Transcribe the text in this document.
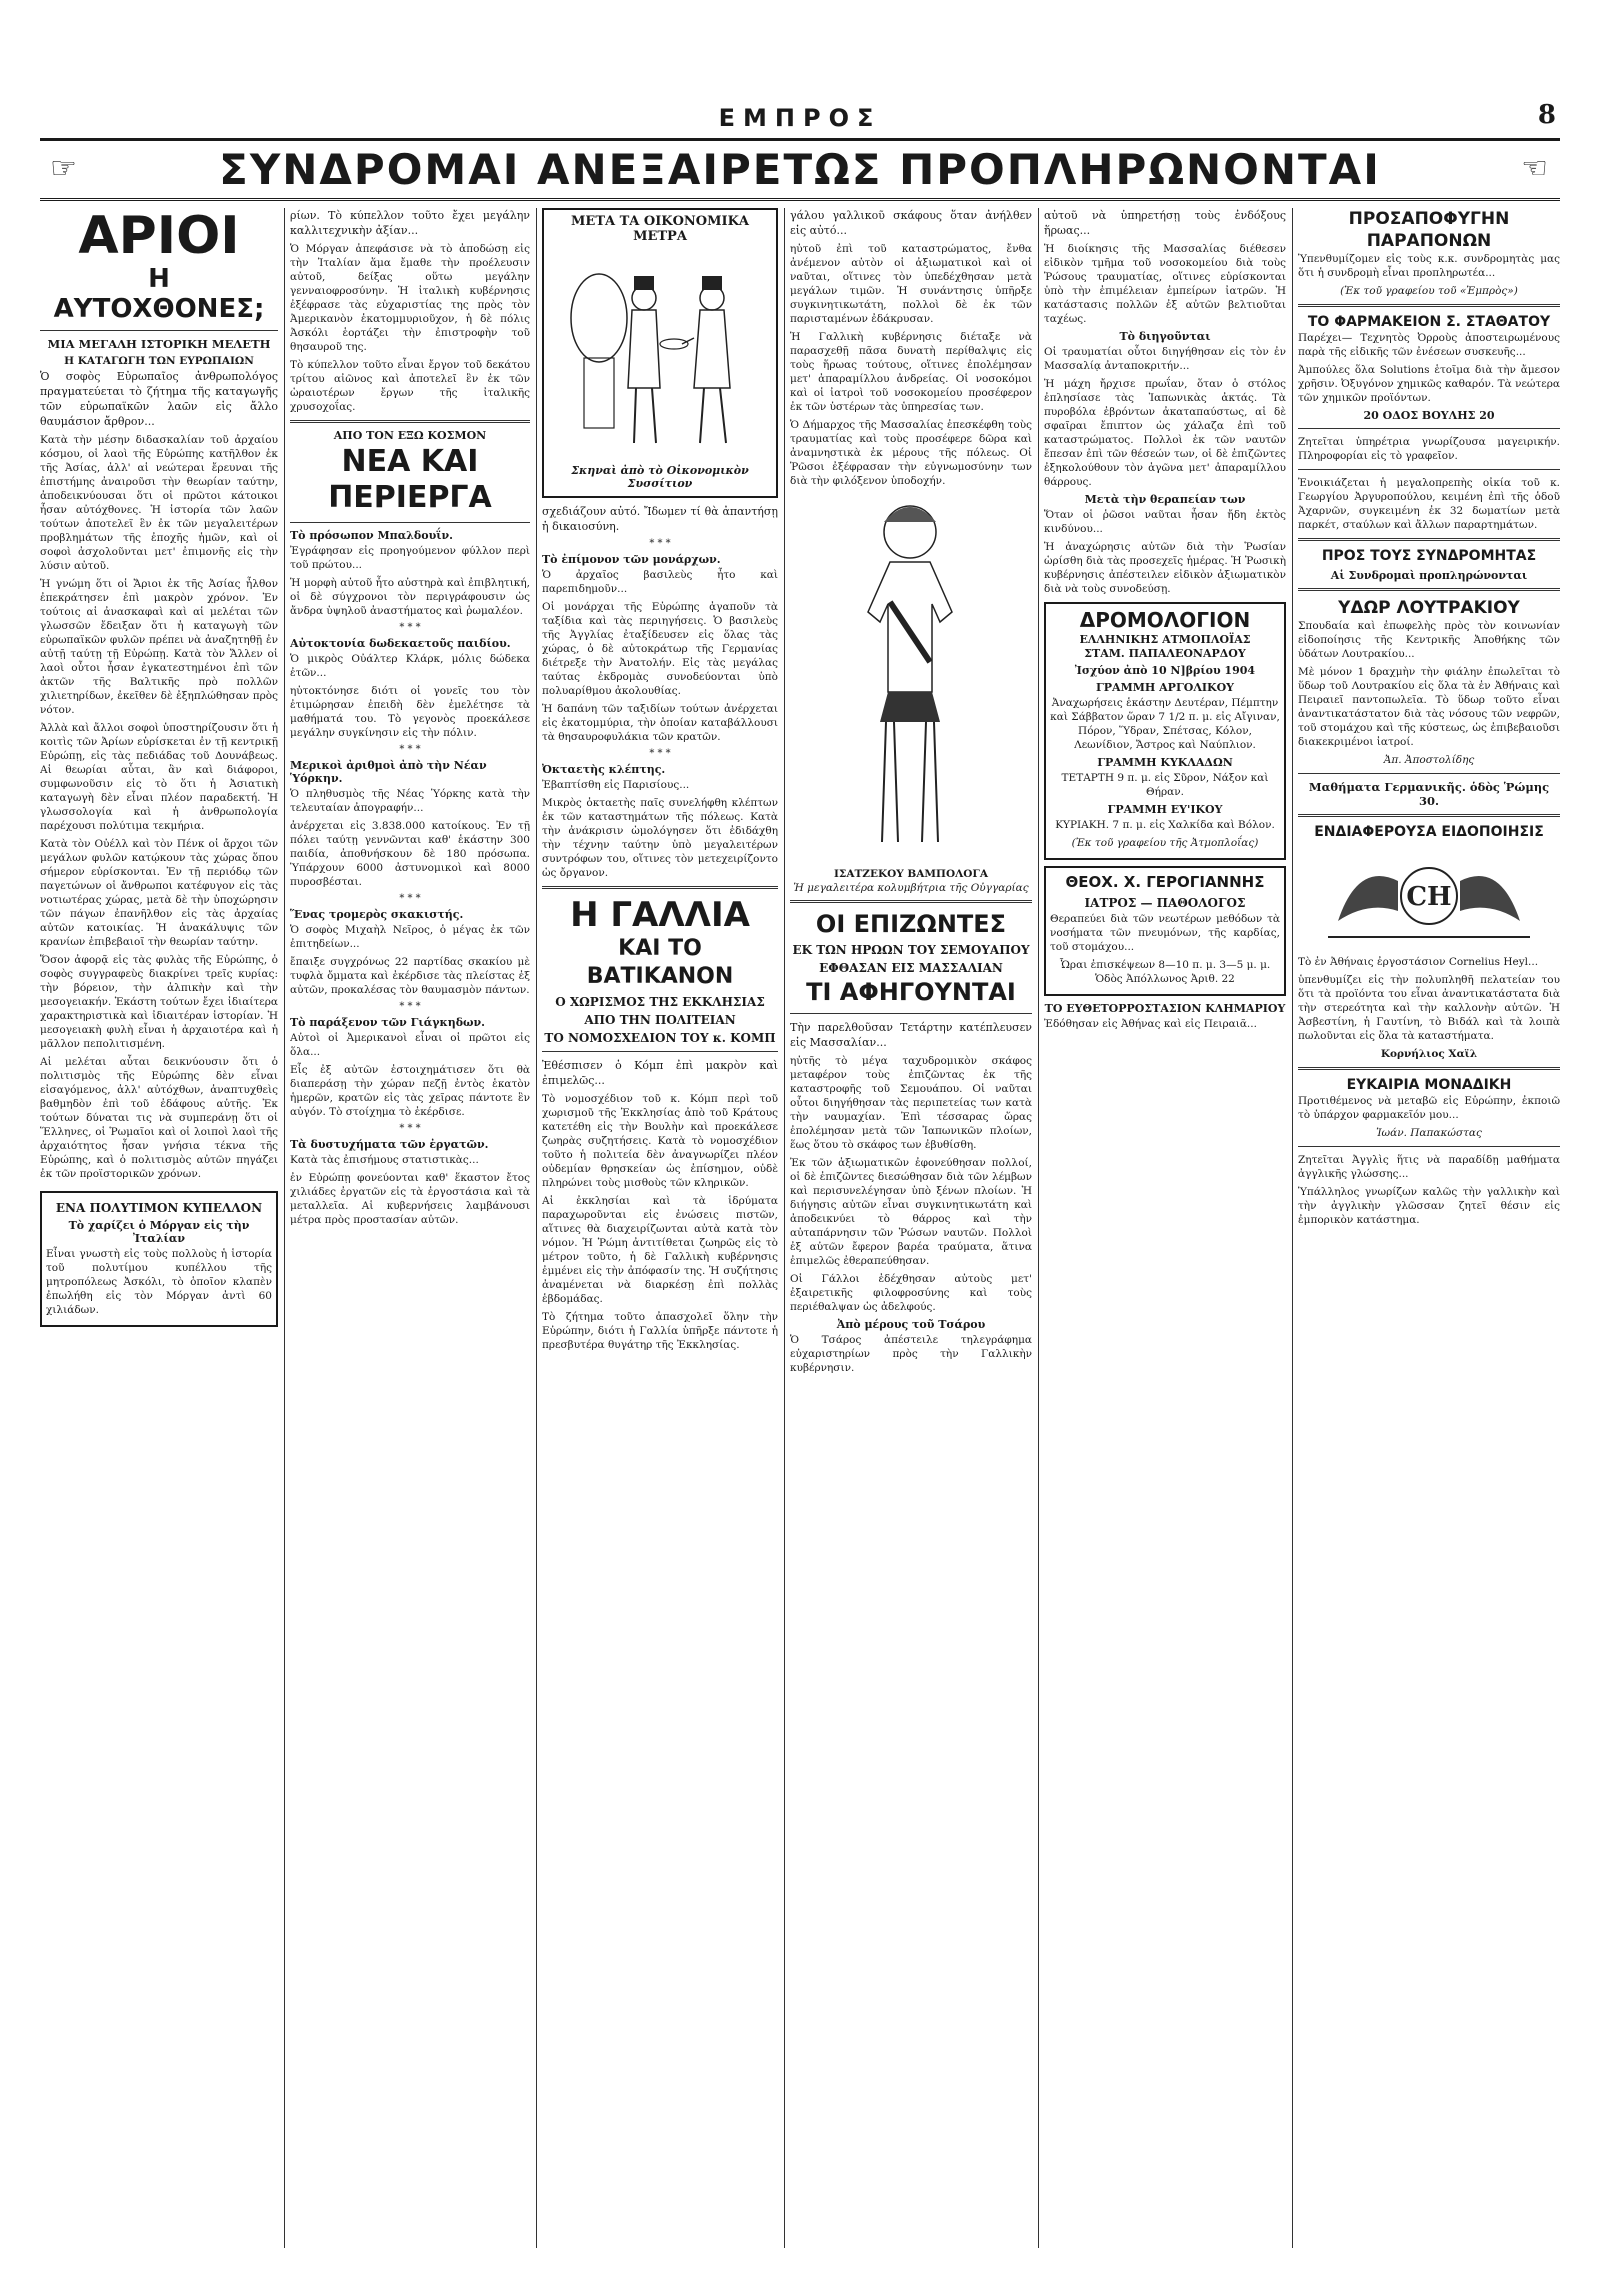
ΕΜΠΡΟΣ	8
☞	ΣΥΝΔΡΟΜΑΙ ΑΝΕΞΑΙΡΕΤΩΣ ΠΡΟΠΛΗΡΩΝΟΝΤΑΙ	☜
ΑΡΙΟΙ
Η ΑΥΤΟΧΘΟΝΕΣ;
ΜΙΑ ΜΕΓΑΛΗ ΙΣΤΟΡΙΚΗ ΜΕΛΕΤΗ
Η ΚΑΤΑΓΩΓΗ ΤΩΝ ΕΥΡΩΠΑΙΩΝ

Ὁ σοφὸς Εὐρωπαῖος ἀνθρωπολόγος πραγματεύεται τὸ ζήτημα τῆς καταγωγῆς τῶν εὐρωπαϊκῶν λαῶν εἰς ἄλλο θαυμάσιον ἄρθρον...

Κατὰ τὴν μέσην διδασκαλίαν τοῦ ἀρχαίου κόσμου, οἱ λαοὶ τῆς Εὐρώπης κατῆλθον ἐκ τῆς Ἀσίας, ἀλλ' αἱ νεώτεραι ἔρευναι τῆς ἐπιστήμης ἀναιροῦσι τὴν θεωρίαν ταύτην, ἀποδεικνύουσαι ὅτι οἱ πρῶτοι κάτοικοι ἦσαν αὐτόχθονες. Ἡ ἱστορία τῶν λαῶν τούτων ἀποτελεῖ ἓν ἐκ τῶν μεγαλειτέρων προβλημάτων τῆς ἐποχῆς ἡμῶν, καὶ οἱ σοφοὶ ἀσχολοῦνται μετ' ἐπιμονῆς εἰς τὴν λύσιν αὐτοῦ.

Ἡ γνώμη ὅτι οἱ Ἄριοι ἐκ τῆς Ἀσίας ἦλθον ἐπεκράτησεν ἐπὶ μακρὸν χρόνον. Ἐν τούτοις αἱ ἀνασκαφαὶ καὶ αἱ μελέται τῶν γλωσσῶν ἔδειξαν ὅτι ἡ καταγωγὴ τῶν εὐρωπαϊκῶν φυλῶν πρέπει νὰ ἀναζητηθῇ ἐν αὐτῇ ταύτῃ τῇ Εὐρώπῃ. Κατὰ τὸν Ἄλλεν οἱ λαοὶ οὗτοι ἦσαν ἐγκατεστημένοι ἐπὶ τῶν ἀκτῶν τῆς Βαλτικῆς πρὸ πολλῶν χιλιετηρίδων, ἐκεῖθεν δὲ ἐξηπλώθησαν πρὸς νότον.

Ἀλλὰ καὶ ἄλλοι σοφοὶ ὑποστηρίζουσιν ὅτι ἡ κοιτὶς τῶν Ἀρίων εὑρίσκεται ἐν τῇ κεντρικῇ Εὐρώπῃ, εἰς τὰς πεδιάδας τοῦ Δουνάβεως. Αἱ θεωρίαι αὗται, ἂν καὶ διάφοροι, συμφωνοῦσιν εἰς τὸ ὅτι ἡ Ἀσιατικὴ καταγωγὴ δὲν εἶναι πλέον παραδεκτή. Ἡ γλωσσολογία καὶ ἡ ἀνθρωπολογία παρέχουσι πολύτιμα τεκμήρια.

Κατὰ τὸν Οὐέλλ καὶ τὸν Πένκ οἱ ἄρχοι τῶν μεγάλων φυλῶν κατῴκουν τὰς χώρας ὅπου σήμερον εὑρίσκονται. Ἐν τῇ περιόδῳ τῶν παγετώνων οἱ ἄνθρωποι κατέφυγον εἰς τὰς νοτιωτέρας χώρας, μετὰ δὲ τὴν ὑποχώρησιν τῶν πάγων ἐπανῆλθον εἰς τὰς ἀρχαίας αὐτῶν κατοικίας. Ἡ ἀνακάλυψις τῶν κρανίων ἐπιβεβαιοῖ τὴν θεωρίαν ταύτην.

Ὅσον ἀφορᾷ εἰς τὰς φυλὰς τῆς Εὐρώπης, ὁ σοφὸς συγγραφεὺς διακρίνει τρεῖς κυρίας: τὴν βόρειον, τὴν ἀλπικὴν καὶ τὴν μεσογειακήν. Ἑκάστη τούτων ἔχει ἰδιαίτερα χαρακτηριστικὰ καὶ ἰδιαιτέραν ἱστορίαν. Ἡ μεσογειακὴ φυλὴ εἶναι ἡ ἀρχαιοτέρα καὶ ἡ μᾶλλον πεπολιτισμένη.

Αἱ μελέται αὗται δεικνύουσιν ὅτι ὁ πολιτισμὸς τῆς Εὐρώπης δὲν εἶναι εἰσαγόμενος, ἀλλ' αὐτόχθων, ἀναπτυχθεὶς βαθμηδὸν ἐπὶ τοῦ ἐδάφους αὐτῆς. Ἐκ τούτων δύναται τις νὰ συμπεράνῃ ὅτι οἱ Ἕλληνες, οἱ Ῥωμαῖοι καὶ οἱ λοιποὶ λαοὶ τῆς ἀρχαιότητος ἦσαν γνήσια τέκνα τῆς Εὐρώπης, καὶ ὁ πολιτισμὸς αὐτῶν πηγάζει ἐκ τῶν προϊστορικῶν χρόνων.

ΕΝΑ ΠΟΛΥΤΙΜΟΝ ΚΥΠΕΛΛΟΝ
Τὸ χαρίζει ὁ Μόργαν εἰς τὴν Ἰταλίαν

Εἶναι γνωστὴ εἰς τοὺς πολλοὺς ἡ ἱστορία τοῦ πολυτίμου κυπέλλου τῆς μητροπόλεως Ἀσκόλι, τὸ ὁποῖον κλαπὲν ἐπωλήθη εἰς τὸν Μόργαν ἀντὶ 60 χιλιάδων.

ρίων. Τὸ κύπελλον τοῦτο ἔχει μεγάλην καλλιτεχνικὴν ἀξίαν...

Ὁ Μόργαν ἀπεφάσισε νὰ τὸ ἀποδώσῃ εἰς τὴν Ἰταλίαν ἅμα ἔμαθε τὴν προέλευσιν αὐτοῦ, δείξας οὕτω μεγάλην γενναιοφροσύνην. Ἡ ἰταλικὴ κυβέρνησις ἐξέφρασε τὰς εὐχαριστίας της πρὸς τὸν Ἀμερικανὸν ἑκατομμυριοῦχον, ἡ δὲ πόλις Ἀσκόλι ἑορτάζει τὴν ἐπιστροφὴν τοῦ θησαυροῦ της.

Τὸ κύπελλον τοῦτο εἶναι ἔργον τοῦ δεκάτου τρίτου αἰῶνος καὶ ἀποτελεῖ ἓν ἐκ τῶν ὡραιοτέρων ἔργων τῆς ἰταλικῆς χρυσοχοΐας.

ΑΠΟ ΤΟΝ ΕΞΩ ΚΟΣΜΟΝ
ΝΕΑ ΚΑΙ ΠΕΡΙΕΡΓΑ
Τὸ πρόσωπον Μπαλδουΐν.

Ἐγράφησαν εἰς προηγούμενον φύλλον περὶ τοῦ πρώτου...

Ἡ μορφὴ αὐτοῦ ἦτο αὐστηρὰ καὶ ἐπιβλητική, οἱ δὲ σύγχρονοι τὸν περιγράφουσιν ὡς ἄνδρα ὑψηλοῦ ἀναστήματος καὶ ῥωμαλέον.

* * *
Αὐτοκτονία δωδεκαετοῦς παιδίου.

Ὁ μικρὸς Οὐάλτερ Κλάρκ, μόλις δώδεκα ἐτῶν...

ηὐτοκτόνησε διότι οἱ γονεῖς του τὸν ἐτιμώρησαν ἐπειδὴ δὲν ἐμελέτησε τὰ μαθήματά του. Τὸ γεγονὸς προεκάλεσε μεγάλην συγκίνησιν εἰς τὴν πόλιν.

* * *
Μερικοὶ ἀριθμοὶ ἀπὸ τὴν Νέαν Ὑόρκην.

Ὁ πληθυσμὸς τῆς Νέας Ὑόρκης κατὰ τὴν τελευταίαν ἀπογραφήν...

ἀνέρχεται εἰς 3.838.000 κατοίκους. Ἐν τῇ πόλει ταύτῃ γεννῶνται καθ' ἑκάστην 300 παιδία, ἀποθνήσκουν δὲ 180 πρόσωπα. Ὑπάρχουν 6000 ἀστυνομικοὶ καὶ 8000 πυροσβέσται.

* * *
Ἕνας τρομερὸς σκακιστής.

Ὁ σοφὸς Μιχαὴλ Νεῖρος, ὁ μέγας ἐκ τῶν ἐπιτηδείων...

ἔπαιξε συγχρόνως 22 παρτίδας σκακίου μὲ τυφλὰ ὄμματα καὶ ἐκέρδισε τὰς πλείστας ἐξ αὐτῶν, προκαλέσας τὸν θαυμασμὸν πάντων.

* * *
Τὸ παράξενον τῶν Γιάγκηδων.

Αὐτοὶ οἱ Ἀμερικανοὶ εἶναι οἱ πρῶτοι εἰς ὅλα...

Εἷς ἐξ αὐτῶν ἐστοιχημάτισεν ὅτι θὰ διαπεράσῃ τὴν χώραν πεζῇ ἐντὸς ἑκατὸν ἡμερῶν, κρατῶν εἰς τὰς χεῖρας πάντοτε ἓν αὐγόν. Τὸ στοίχημα τὸ ἐκέρδισε.

* * *
Τὰ δυστυχήματα τῶν ἐργατῶν.

Κατὰ τὰς ἐπισήμους στατιστικὰς...

ἐν Εὐρώπῃ φονεύονται καθ' ἕκαστον ἔτος χιλιάδες ἐργατῶν εἰς τὰ ἐργοστάσια καὶ τὰ μεταλλεῖα. Αἱ κυβερνήσεις λαμβάνουσι μέτρα πρὸς προστασίαν αὐτῶν.

ΜΕΤΑ ΤΑ ΟΙΚΟΝΟΜΙΚΑ ΜΕΤΡΑ
Σκηναὶ ἀπὸ τὸ Οἰκονομικὸν Συσσίτιον

σχεδιάζουν αὐτό. Ἴδωμεν τί θὰ ἀπαντήσῃ ἡ δικαιοσύνη.

* * *
Τὸ ἐπίμονον τῶν μονάρχων.

Ὁ ἀρχαῖος βασιλεὺς ἦτο καὶ παρεπιδημοῦν...

Οἱ μονάρχαι τῆς Εὐρώπης ἀγαποῦν τὰ ταξίδια καὶ τὰς περιηγήσεις. Ὁ βασιλεὺς τῆς Ἀγγλίας ἐταξίδευσεν εἰς ὅλας τὰς χώρας, ὁ δὲ αὐτοκράτωρ τῆς Γερμανίας διέτρεξε τὴν Ἀνατολήν. Εἰς τὰς μεγάλας ταύτας ἐκδρομὰς συνοδεύονται ὑπὸ πολυαρίθμου ἀκολουθίας.

Ἡ δαπάνη τῶν ταξιδίων τούτων ἀνέρχεται εἰς ἑκατομμύρια, τὴν ὁποίαν καταβάλλουσι τὰ θησαυροφυλάκια τῶν κρατῶν.

* * *
Ὀκταετὴς κλέπτης.

Ἐβαπτίσθη εἰς Παρισίους...

Μικρὸς ὀκταετὴς παῖς συνελήφθη κλέπτων ἐκ τῶν καταστημάτων τῆς πόλεως. Κατὰ τὴν ἀνάκρισιν ὡμολόγησεν ὅτι ἐδιδάχθη τὴν τέχνην ταύτην ὑπὸ μεγαλειτέρων συντρόφων του, οἵτινες τὸν μετεχειρίζοντο ὡς ὄργανον.

Η ΓΑΛΛΙΑ
ΚΑΙ ΤΟ ΒΑΤΙΚΑΝΟΝ
Ο ΧΩΡΙΣΜΟΣ ΤΗΣ ΕΚΚΛΗΣΙΑΣ
ΑΠΟ ΤΗΝ ΠΟΛΙΤΕΙΑΝ
ΤΟ ΝΟΜΟΣΧΕΔΙΟΝ ΤΟΥ κ. ΚΟΜΠ

Ἐθέσπισεν ὁ Κόμπ ἐπὶ μακρὸν καὶ ἐπιμελῶς...

Τὸ νομοσχέδιον τοῦ κ. Κόμπ περὶ τοῦ χωρισμοῦ τῆς Ἐκκλησίας ἀπὸ τοῦ Κράτους κατετέθη εἰς τὴν Βουλὴν καὶ προεκάλεσε ζωηρὰς συζητήσεις. Κατὰ τὸ νομοσχέδιον τοῦτο ἡ πολιτεία δὲν ἀναγνωρίζει πλέον οὐδεμίαν θρησκείαν ὡς ἐπίσημον, οὐδὲ πληρώνει τοὺς μισθοὺς τῶν κληρικῶν.

Αἱ ἐκκλησίαι καὶ τὰ ἱδρύματα παραχωροῦνται εἰς ἐνώσεις πιστῶν, αἵτινες θὰ διαχειρίζωνται αὐτὰ κατὰ τὸν νόμον. Ἡ Ῥώμη ἀντιτίθεται ζωηρῶς εἰς τὸ μέτρον τοῦτο, ἡ δὲ Γαλλικὴ κυβέρνησις ἐμμένει εἰς τὴν ἀπόφασίν της. Ἡ συζήτησις ἀναμένεται νὰ διαρκέσῃ ἐπὶ πολλὰς ἑβδομάδας.

Τὸ ζήτημα τοῦτο ἀπασχολεῖ ὅλην τὴν Εὐρώπην, διότι ἡ Γαλλία ὑπῆρξε πάντοτε ἡ πρεσβυτέρα θυγάτηρ τῆς Ἐκκλησίας.

γάλου γαλλικοῦ σκάφους ὅταν ἀνήλθεν εἰς αὐτό...

ηὐτοῦ ἐπὶ τοῦ καταστρώματος, ἔνθα ἀνέμενον αὐτὸν οἱ ἀξιωματικοὶ καὶ οἱ ναῦται, οἵτινες τὸν ὑπεδέχθησαν μετὰ μεγάλων τιμῶν. Ἡ συνάντησις ὑπῆρξε συγκινητικωτάτη, πολλοὶ δὲ ἐκ τῶν παρισταμένων ἐδάκρυσαν.

Ἡ Γαλλικὴ κυβέρνησις διέταξε νὰ παρασχεθῇ πᾶσα δυνατὴ περίθαλψις εἰς τοὺς ἥρωας τούτους, οἵτινες ἐπολέμησαν μετ' ἀπαραμίλλου ἀνδρείας. Οἱ νοσοκόμοι καὶ οἱ ἰατροὶ τοῦ νοσοκομείου προσέφερον ἐκ τῶν ὑστέρων τὰς ὑπηρεσίας των.

Ὁ Δήμαρχος τῆς Μασσαλίας ἐπεσκέφθη τοὺς τραυματίας καὶ τοὺς προσέφερε δῶρα καὶ ἀναμνηστικὰ ἐκ μέρους τῆς πόλεως. Οἱ Ῥῶσοι ἐξέφρασαν τὴν εὐγνωμοσύνην των διὰ τὴν φιλόξενον ὑποδοχήν.

ΙΣΑΤΖΕΚΟΥ ΒΑΜΠΟΛΟΓΑ
Ἡ μεγαλειτέρα κολυμβήτρια τῆς Οὐγγαρίας
ΟΙ ΕΠΙΖΩΝΤΕΣ
ΕΚ ΤΩΝ ΗΡΩΩΝ ΤΟΥ ΣΕΜΟΥΑΠΟΥ
ΕΦΘΑΣΑΝ ΕΙΣ ΜΑΣΣΑΛΙΑΝ
ΤΙ ΑΦΗΓΟΥΝΤΑΙ

Τὴν παρελθοῦσαν Τετάρτην κατέπλευσεν εἰς Μασσαλίαν...

ηὐτῆς τὸ μέγα ταχυδρομικὸν σκάφος μεταφέρον τοὺς ἐπιζῶντας ἐκ τῆς καταστροφῆς τοῦ Σεμουάπου. Οἱ ναῦται οὗτοι διηγήθησαν τὰς περιπετείας των κατὰ τὴν ναυμαχίαν. Ἐπὶ τέσσαρας ὥρας ἐπολέμησαν μετὰ τῶν Ἰαπωνικῶν πλοίων, ἕως ὅτου τὸ σκάφος των ἐβυθίσθη.

Ἐκ τῶν ἀξιωματικῶν ἐφονεύθησαν πολλοί, οἱ δὲ ἐπιζῶντες διεσώθησαν διὰ τῶν λέμβων καὶ περισυνελέγησαν ὑπὸ ξένων πλοίων. Ἡ διήγησις αὐτῶν εἶναι συγκινητικωτάτη καὶ ἀποδεικνύει τὸ θάρρος καὶ τὴν αὐταπάρνησιν τῶν Ῥώσων ναυτῶν. Πολλοὶ ἐξ αὐτῶν ἔφερον βαρέα τραύματα, ἅτινα ἐπιμελῶς ἐθεραπεύθησαν.

Οἱ Γάλλοι ἐδέχθησαν αὐτοὺς μετ' ἐξαιρετικῆς φιλοφροσύνης καὶ τοὺς περιέθαλψαν ὡς ἀδελφούς.

Ἀπὸ μέρους τοῦ Τσάρου

Ὁ Τσάρος ἀπέστειλε τηλεγράφημα εὐχαριστηρίων πρὸς τὴν Γαλλικὴν κυβέρνησιν.

αὐτοῦ νὰ ὑπηρετήσῃ τοὺς ἐνδόξους ἥρωας...

Ἡ διοίκησις τῆς Μασσαλίας διέθεσεν εἰδικὸν τμῆμα τοῦ νοσοκομείου διὰ τοὺς Ῥώσους τραυματίας, οἵτινες εὑρίσκονται ὑπὸ τὴν ἐπιμέλειαν ἐμπείρων ἰατρῶν. Ἡ κατάστασις πολλῶν ἐξ αὐτῶν βελτιοῦται ταχέως.

Τὸ διηγοῦνται

Οἱ τραυματίαι οὗτοι διηγήθησαν εἰς τὸν ἐν Μασσαλίᾳ ἀνταποκριτήν...

Ἡ μάχη ἤρχισε πρωΐαν, ὅταν ὁ στόλος ἐπλησίασε τὰς Ἰαπωνικὰς ἀκτάς. Τὰ πυροβόλα ἐβρόντων ἀκαταπαύστως, αἱ δὲ σφαῖραι ἔπιπτον ὡς χάλαζα ἐπὶ τοῦ καταστρώματος. Πολλοὶ ἐκ τῶν ναυτῶν ἔπεσαν ἐπὶ τῶν θέσεών των, οἱ δὲ ἐπιζῶντες ἐξηκολούθουν τὸν ἀγῶνα μετ' ἀπαραμίλλου θάρρους.

Μετὰ τὴν θεραπείαν των

Ὅταν οἱ ῥῶσοι ναῦται ἦσαν ἤδη ἐκτὸς κινδύνου...

Ἡ ἀναχώρησις αὐτῶν διὰ τὴν Ῥωσίαν ὡρίσθη διὰ τὰς προσεχεῖς ἡμέρας. Ἡ Ῥωσικὴ κυβέρνησις ἀπέστειλεν εἰδικὸν ἀξιωματικὸν διὰ νὰ τοὺς συνοδεύσῃ.

ΔΡΟΜΟΛΟΓΙΟΝ
ΕΛΛΗΝΙΚΗΣ ΑΤΜΟΠΛΟΪΑΣ
ΣΤΑΜ. ΠΑΠΑΛΕΟΝΑΡΔΟΥ
Ἰσχύον ἀπὸ 10 Ν]βρίου 1904
ΓΡΑΜΜΗ ΑΡΓΟΛΙΚΟΥ

Ἀναχωρήσεις ἑκάστην Δευτέραν, Πέμπτην καὶ Σάββατον ὥραν 7 1/2 π. μ. εἰς Αἴγιναν, Πόρον, Ὕδραν, Σπέτσας, Κόλον, Λεωνίδιον, Ἄστρος καὶ Ναύπλιον.

ΓΡΑΜΜΗ ΚΥΚΛΑΔΩΝ

ΤΕΤΑΡΤΗ 9 π. μ. εἰς Σῦρον, Νάξον καὶ Θήραν.

ΓΡΑΜΜΗ ΕΥ'ΙΚΟΥ

ΚΥΡΙΑΚΗ. 7 π. μ. εἰς Χαλκίδα καὶ Βόλον.

(Ἐκ τοῦ γραφείου τῆς Ἀτμοπλοΐας)

ΘΕΟΧ. Χ. ΓΕΡΟΓΙΑΝΝΗΣ
ΙΑΤΡΟΣ — ΠΑΘΟΛΟΓΟΣ

Θεραπεύει διὰ τῶν νεωτέρων μεθόδων τὰ νοσήματα τῶν πνευμόνων, τῆς καρδίας, τοῦ στομάχου...

Ὧραι ἐπισκέψεων 8—10 π. μ. 3—5 μ. μ. Ὁδὸς Ἀπόλλωνος Ἀριθ. 22

ΤΟ ΕΥΘΕΤΟΡΡΟΣΤΑΣΙΟΝ ΚΛΗΜΑΡΙΟΥ

Ἐδόθησαν εἰς Ἀθήνας καὶ εἰς Πειραιᾶ...

ΠΡΟΣΑΠΟΦΥΓΗΝ
ΠΑΡΑΠΟΝΩΝ

Ὑπενθυμίζομεν εἰς τοὺς κ.κ. συνδρομητὰς μας ὅτι ἡ συνδρομὴ εἶναι προπληρωτέα...

(Ἐκ τοῦ γραφείου τοῦ «Ἐμπρὸς»)

ΤΟ ΦΑΡΜΑΚΕΙΟΝ Σ. ΣΤΑΘΑΤΟΥ

Παρέχει— Τεχνητὸς Ὀρροὺς ἀποστειρωμένους παρὰ τῆς εἰδικῆς τῶν ἐνέσεων συσκευῆς...

Ἀμπούλες ὅλα Solutions ἑτοῖμα διὰ τὴν ἄμεσον χρῆσιν. Ὀξυγόνον χημικῶς καθαρόν. Τὰ νεώτερα τῶν χημικῶν προϊόντων.

20 ΟΔΟΣ ΒΟΥΛΗΣ 20

Ζητεῖται ὑπηρέτρια γνωρίζουσα μαγειρικήν. Πληροφορίαι εἰς τὸ γραφεῖον.

Ἐνοικιάζεται ἡ μεγαλοπρεπὴς οἰκία τοῦ κ. Γεωργίου Ἀργυροπούλου, κειμένη ἐπὶ τῆς ὁδοῦ Ἀχαρνῶν, συγκειμένη ἐκ 32 δωματίων μετὰ παρκέτ, σταύλων καὶ ἄλλων παραρτημάτων.

ΠΡΟΣ ΤΟΥΣ ΣΥΝΔΡΟΜΗΤΑΣ
Αἱ Συνδρομαὶ προπληρώνονται
ΥΔΩΡ ΛΟΥΤΡΑΚΙΟΥ

Σπουδαία καὶ ἐπωφελὴς πρὸς τὸν κοινωνίαν εἰδοποίησις τῆς Κεντρικῆς Ἀποθήκης τῶν ὑδάτων Λουτρακίου...

Μὲ μόνον 1 δραχμὴν τὴν φιάλην ἐπωλεῖται τὸ ὕδωρ τοῦ Λουτρακίου εἰς ὅλα τὰ ἐν Ἀθήναις καὶ Πειραιεῖ παντοπωλεῖα. Τὸ ὕδωρ τοῦτο εἶναι ἀναντικατάστατον διὰ τὰς νόσους τῶν νεφρῶν, τοῦ στομάχου καὶ τῆς κύστεως, ὡς ἐπιβεβαιοῦσι διακεκριμένοι ἰατροί.

Ἀπ. Ἀποστολίδης

Μαθήματα Γερμανικῆς. ὁδὸς Ῥώμης 30.
ΕΝΔΙΑΦΕΡΟΥΣΑ ΕΙΔΟΠΟΙΗΣΙΣ
CH

Τὸ ἐν Ἀθήναις ἐργοστάσιον Cornelius Heyl...

ὑπενθυμίζει εἰς τὴν πολυπληθῆ πελατείαν του ὅτι τὰ προϊόντα του εἶναι ἀναντικατάστατα διὰ τὴν στερεότητα καὶ τὴν καλλονὴν αὐτῶν. Ἡ Ἀσβεστίνη, ἡ Γαυτίνη, τὸ Βιδάλ καὶ τὰ λοιπὰ πωλοῦνται εἰς ὅλα τὰ καταστήματα.

Κορνήλιος Χαϊλ

ΕΥΚΑΙΡΙΑ ΜΟΝΑΔΙΚΗ

Προτιθέμενος νὰ μεταβῶ εἰς Εὐρώπην, ἐκποιῶ τὸ ὑπάρχον φαρμακεῖόν μου...

Ἰωάν. Παπακώστας

Ζητεῖται Ἀγγλὶς ἥτις νὰ παραδίδῃ μαθήματα ἀγγλικῆς γλώσσης...

Ὑπάλληλος γνωρίζων καλῶς τὴν γαλλικὴν καὶ τὴν ἀγγλικὴν γλῶσσαν ζητεῖ θέσιν εἰς ἐμπορικὸν κατάστημα.
